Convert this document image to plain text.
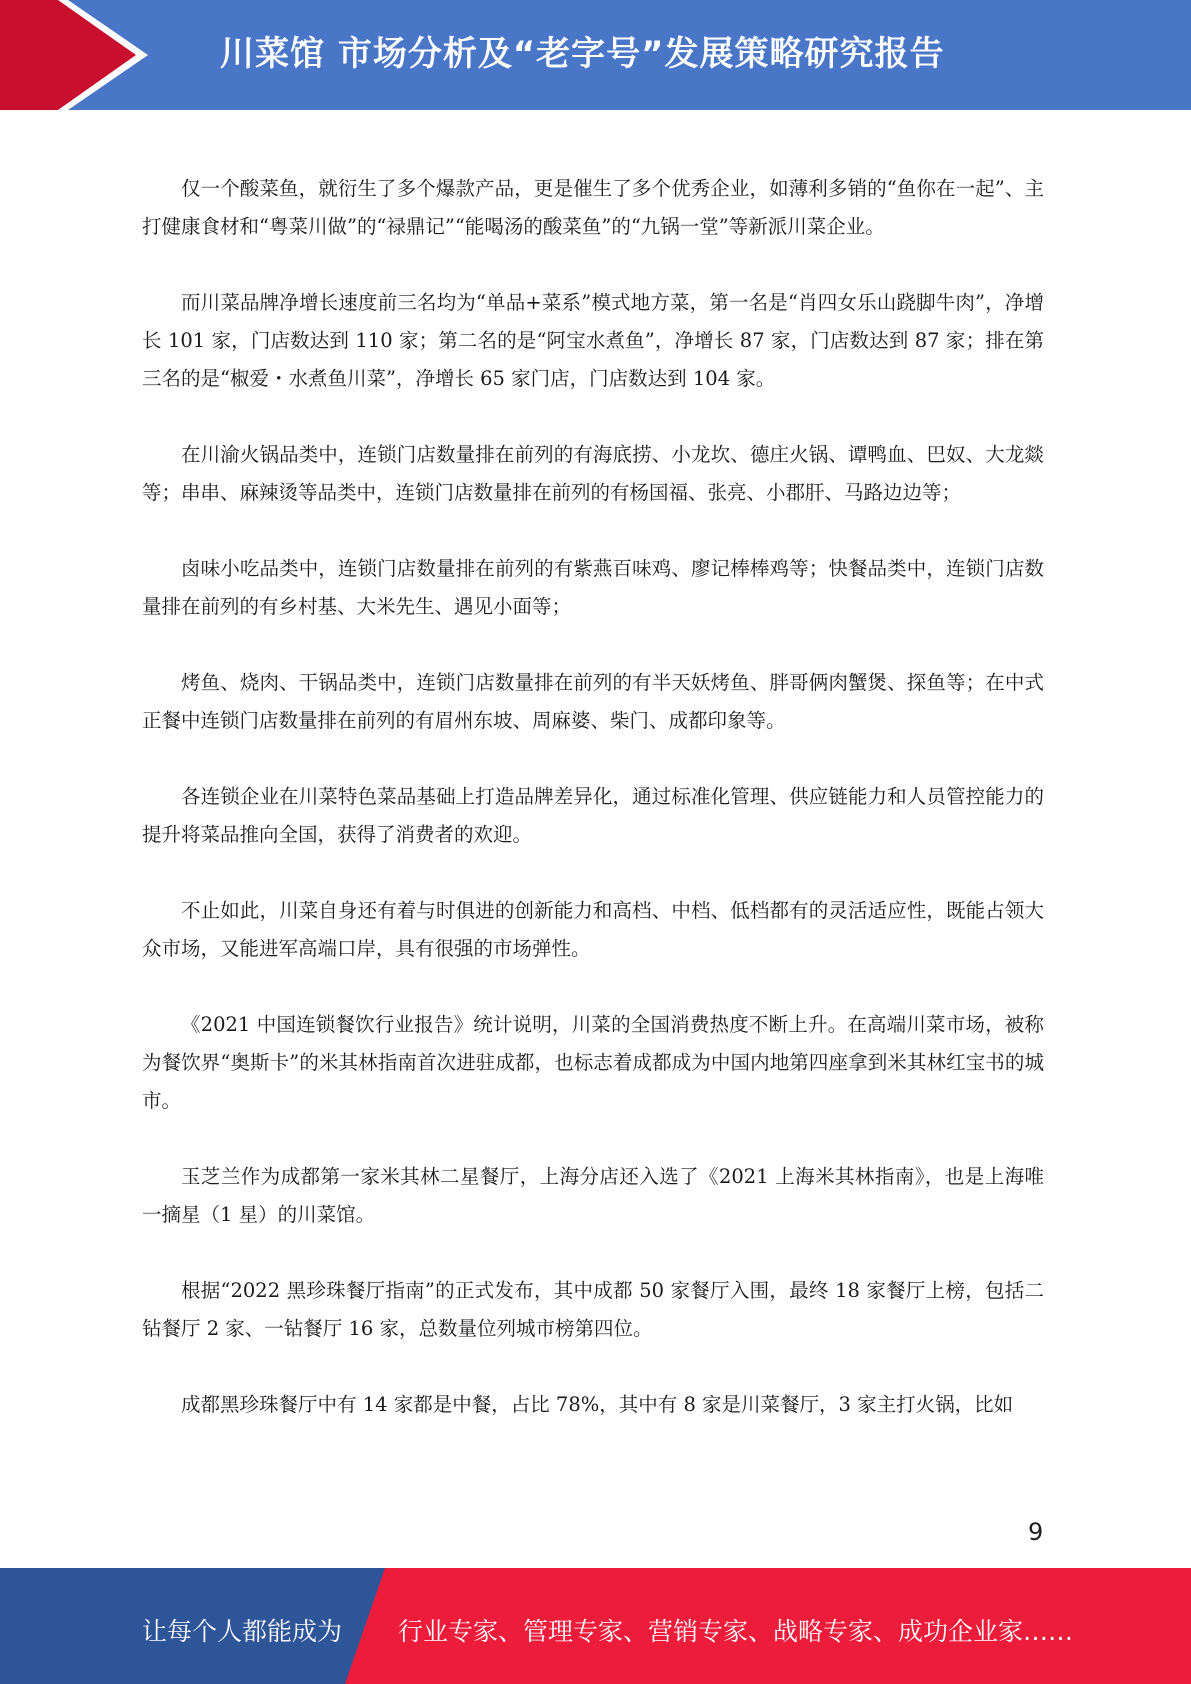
川菜馆 市场分析及“老字号”发展策略研究报告

仅一个酸菜鱼，就衍生了多个爆款产品，更是催生了多个优秀企业，如薄利多销的“鱼你在一起”、主打健康食材和“粤菜川做”的“禄鼎记”“能喝汤的酸菜鱼”的“九锅一堂”等新派川菜企业。

而川菜品牌净增长速度前三名均为“单品+菜系”模式地方菜，第一名是“肖四女乐山跷脚牛肉”，净增长 101 家，门店数达到 110 家；第二名的是“阿宝水煮鱼”，净增长 87 家，门店数达到 87 家；排在第三名的是“椒爱・水煮鱼川菜”，净增长 65 家门店，门店数达到 104 家。

在川渝火锅品类中，连锁门店数量排在前列的有海底捞、小龙坎、德庄火锅、谭鸭血、巴奴、大龙燚等；串串、麻辣烫等品类中，连锁门店数量排在前列的有杨国福、张亮、小郡肝、马路边边等；

卤味小吃品类中，连锁门店数量排在前列的有紫燕百味鸡、廖记棒棒鸡等；快餐品类中，连锁门店数量排在前列的有乡村基、大米先生、遇见小面等；

烤鱼、烧肉、干锅品类中，连锁门店数量排在前列的有半天妖烤鱼、胖哥俩肉蟹煲、探鱼等；在中式正餐中连锁门店数量排在前列的有眉州东坡、周麻婆、柴门、成都印象等。

各连锁企业在川菜特色菜品基础上打造品牌差异化，通过标准化管理、供应链能力和人员管控能力的提升将菜品推向全国，获得了消费者的欢迎。

不止如此，川菜自身还有着与时俱进的创新能力和高档、中档、低档都有的灵活适应性，既能占领大众市场，又能进军高端口岸，具有很强的市场弹性。

《2021 中国连锁餐饮行业报告》统计说明，川菜的全国消费热度不断上升。在高端川菜市场，被称为餐饮界“奥斯卡”的米其林指南首次进驻成都，也标志着成都成为中国内地第四座拿到米其林红宝书的城市。

玉芝兰作为成都第一家米其林二星餐厅，上海分店还入选了《2021 上海米其林指南》，也是上海唯一摘星（1 星）的川菜馆。

根据“2022 黑珍珠餐厅指南”的正式发布，其中成都 50 家餐厅入围，最终 18 家餐厅上榜，包括二钻餐厅 2 家、一钻餐厅 16 家，总数量位列城市榜第四位。

成都黑珍珠餐厅中有 14 家都是中餐，占比 78%，其中有 8 家是川菜餐厅，3 家主打火锅，比如

9
让每个人都能成为 行业专家、管理专家、营销专家、战略专家、成功企业家……
